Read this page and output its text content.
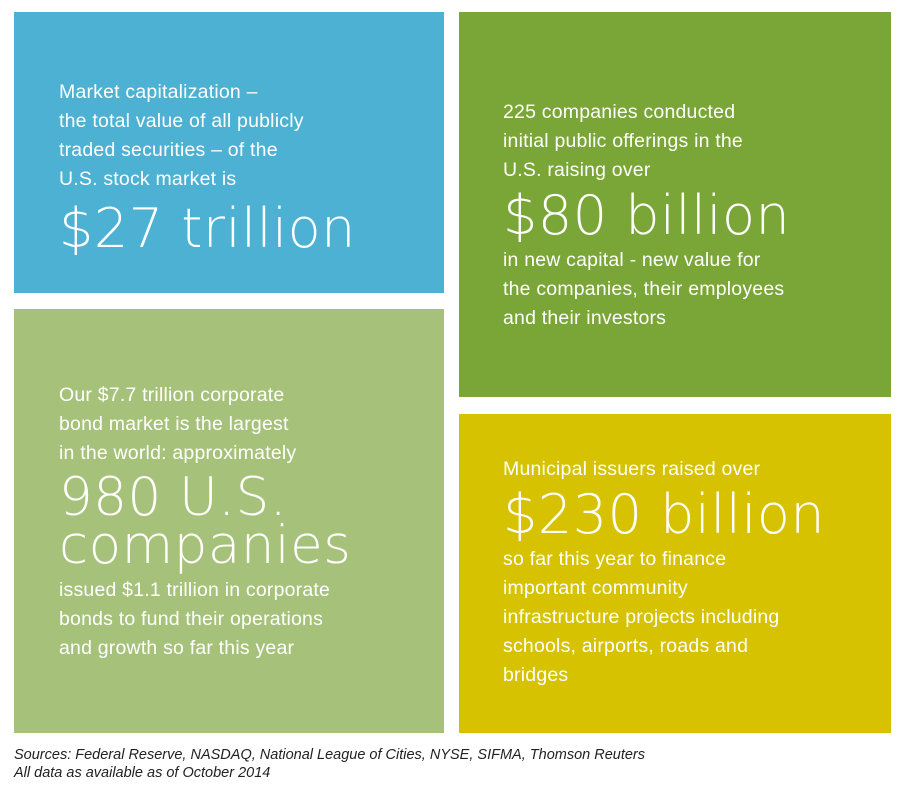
Market capitalization –
the total value of all publicly
traded securities – of the
U.S. stock market is

$27 trillion

225 companies conducted
initial public offerings in the
U.S. raising over

$80 billion

in new capital - new value for
the companies, their employees
and their investors

Our $7.7 trillion corporate
bond market is the largest
in the world: approximately

980 U.S.
companies

issued $1.1 trillion in corporate
bonds to fund their operations
and growth so far this year

Municipal issuers raised over

$230 billion

so far this year to finance
important community
infrastructure projects including
schools, airports, roads and
bridges

Sources: Federal Reserve, NASDAQ, National League of Cities, NYSE, SIFMA, Thomson Reuters
All data as available as of October 2014
